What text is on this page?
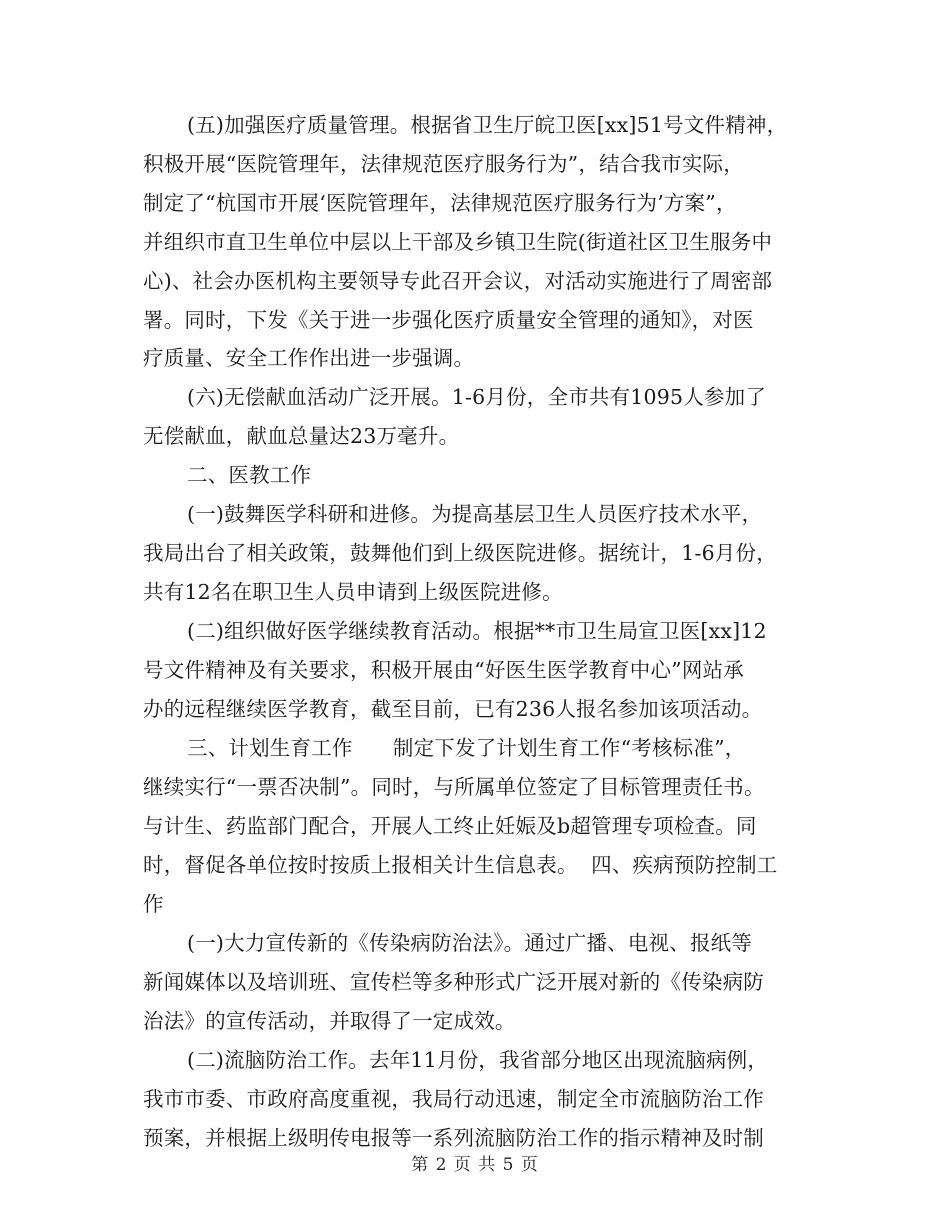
(五)加强医疗质量管理。根据省卫生厅皖卫医[xx]51号文件精神，
积极开展“医院管理年，法律规范医疗服务行为”，结合我市实际，
制定了“杭国市开展‘医院管理年，法律规范医疗服务行为’方案”，
并组织市直卫生单位中层以上干部及乡镇卫生院(街道社区卫生服务中
心)、社会办医机构主要领导专此召开会议，对活动实施进行了周密部
署。同时，下发《关于进一步强化医疗质量安全管理的通知》，对医
疗质量、安全工作作出进一步强调。
(六)无偿献血活动广泛开展。1-6月份，全市共有1095人参加了
无偿献血，献血总量达23万毫升。
二、医教工作
(一)鼓舞医学科研和进修。为提高基层卫生人员医疗技术水平，
我局出台了相关政策，鼓舞他们到上级医院进修。据统计，1-6月份，
共有12名在职卫生人员申请到上级医院进修。
(二)组织做好医学继续教育活动。根据**市卫生局宣卫医[xx]12
号文件精神及有关要求，积极开展由“好医生医学教育中心”网站承
办的远程继续医学教育，截至目前，已有236人报名参加该项活动。
三、计划生育工作      制定下发了计划生育工作“考核标准”，
继续实行“一票否决制”。同时，与所属单位签定了目标管理责任书。
与计生、药监部门配合，开展人工终止妊娠及b超管理专项检查。同
时，督促各单位按时按质上报相关计生信息表。  四、疾病预防控制工
作
(一)大力宣传新的《传染病防治法》。通过广播、电视、报纸等
新闻媒体以及培训班、宣传栏等多种形式广泛开展对新的《传染病防
治法》的宣传活动，并取得了一定成效。
(二)流脑防治工作。去年11月份，我省部分地区出现流脑病例，
我市市委、市政府高度重视，我局行动迅速，制定全市流脑防治工作
预案，并根据上级明传电报等一系列流脑防治工作的指示精神及时制
第 2 页 共 5 页
